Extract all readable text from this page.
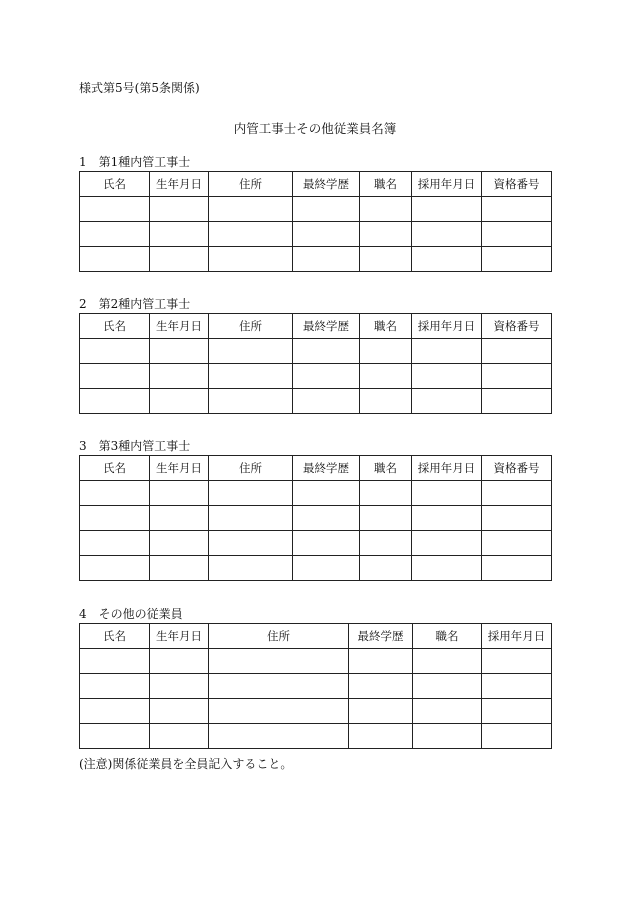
様式第5号(第5条関係)
内管工事士その他従業員名簿
1　第1種内管工事士
氏名	生年月日	住所	最終学歴	職名	採用年月日	資格番号

2　第2種内管工事士
氏名	生年月日	住所	最終学歴	職名	採用年月日	資格番号

3　第3種内管工事士
氏名	生年月日	住所	最終学歴	職名	採用年月日	資格番号

4　その他の従業員
氏名	生年月日	住所	最終学歴	職名	採用年月日

(注意)関係従業員を全員記入すること。
